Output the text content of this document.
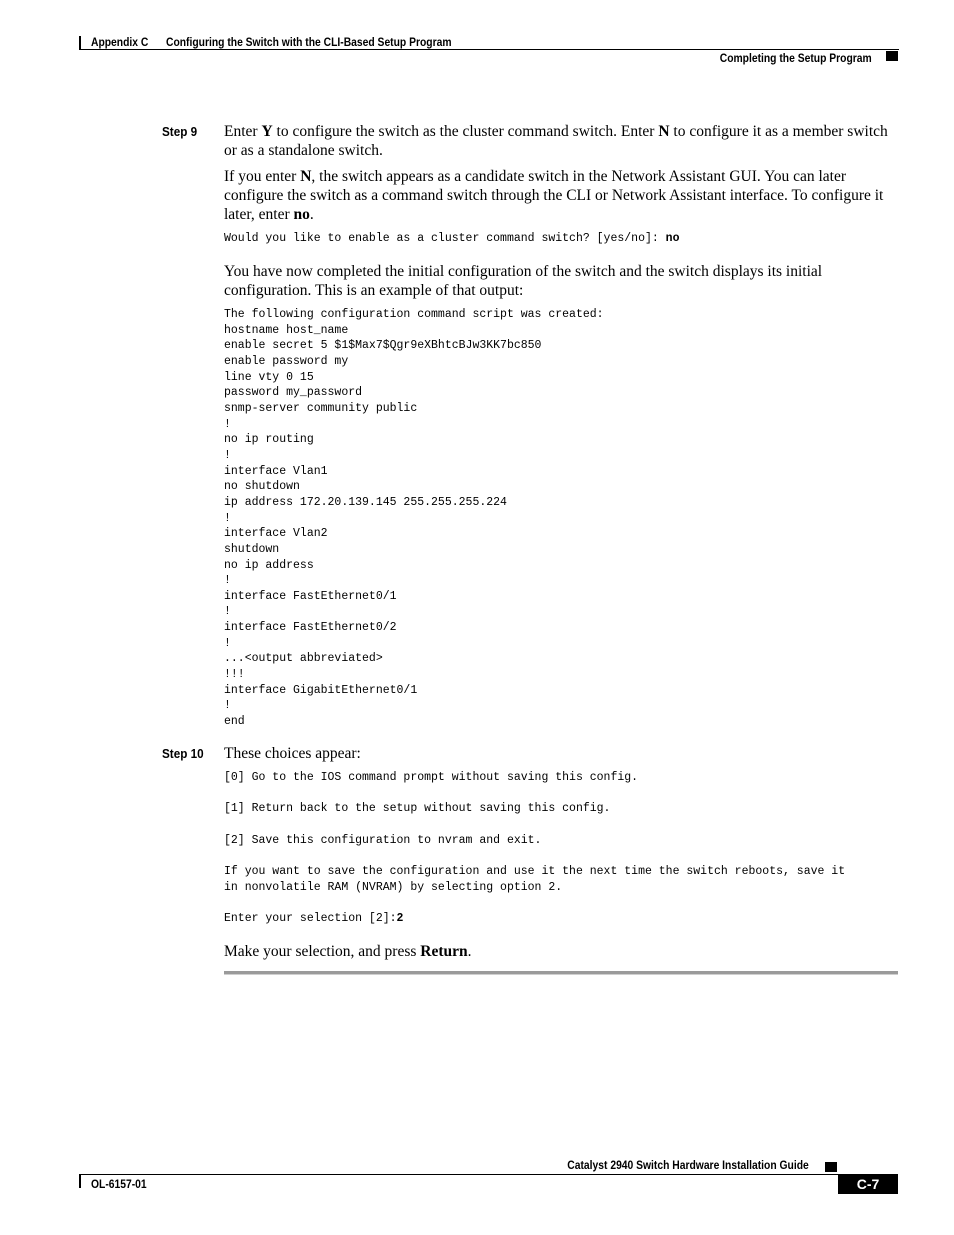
Appendix C Configuring the Switch with the CLI-Based Setup Program
Completing the Setup Program
Step 9 Enter Y to configure the switch as the cluster command switch. Enter N to configure it as a member switch or as a standalone switch.
If you enter N, the switch appears as a candidate switch in the Network Assistant GUI. You can later configure the switch as a command switch through the CLI or Network Assistant interface. To configure it later, enter no.
Would you like to enable as a cluster command switch? [yes/no]: no
You have now completed the initial configuration of the switch and the switch displays its initial configuration. This is an example of that output:
The following configuration command script was created:
hostname host_name
enable secret 5 $1$Max7$Qgr9eXBhtcBJw3KK7bc850
enable password my
line vty 0 15
password my_password
snmp-server community public
!
no ip routing
!
interface Vlan1
no shutdown
ip address 172.20.139.145 255.255.255.224
!
interface Vlan2
shutdown
no ip address
!
interface FastEthernet0/1
!
interface FastEthernet0/2
!
...<output abbreviated>
!!!
interface GigabitEthernet0/1
!
end
Step 10 These choices appear:
[0] Go to the IOS command prompt without saving this config.

[1] Return back to the setup without saving this config.

[2] Save this configuration to nvram and exit.

If you want to save the configuration and use it the next time the switch reboots, save it
in nonvolatile RAM (NVRAM) by selecting option 2.

Enter your selection [2]:2
Make your selection, and press Return.
Catalyst 2940 Switch Hardware Installation Guide
OL-6157-01	C-7
